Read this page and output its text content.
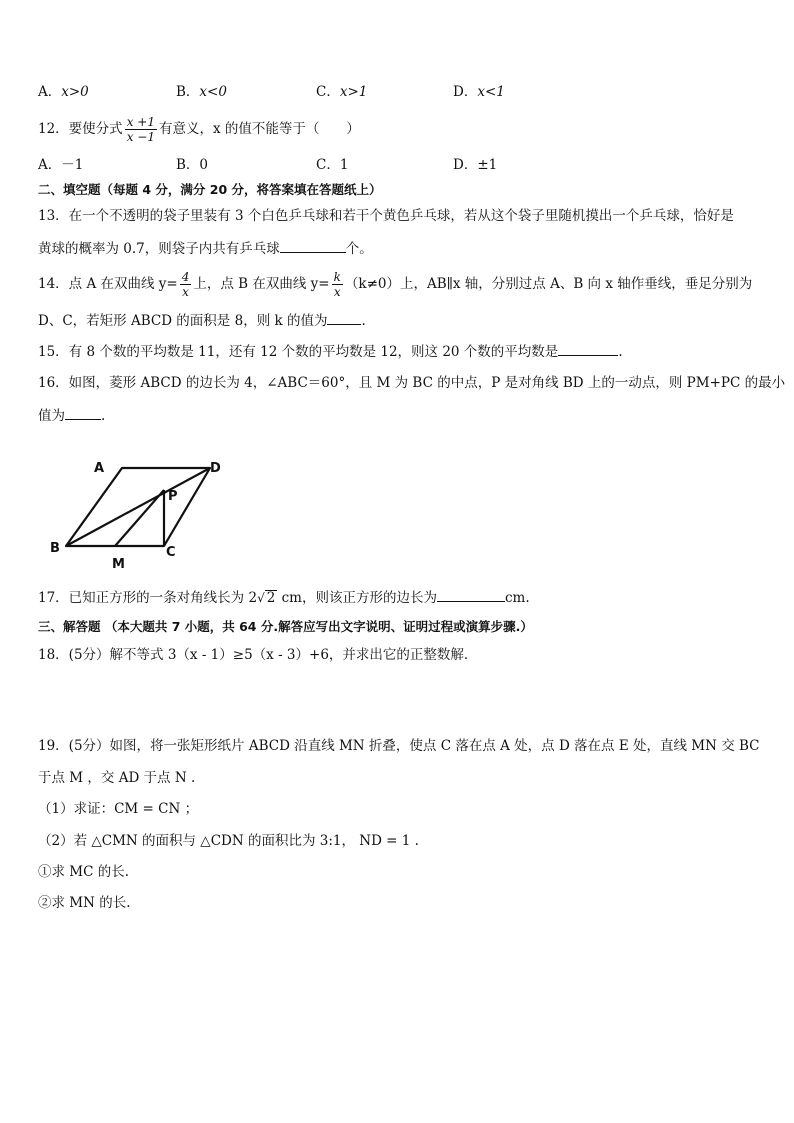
A．x>0	B．x<0	C．x>1	D．x<1
12．要使分式 $\frac{x +1}{x -1}$ 有意义，x 的值不能等于（　　）
A．－1	B．0	C．1	D．±1
二、填空题（每题 4 分，满分 20 分，将答案填在答题纸上）
13．在一个不透明的袋子里装有 3 个白色乒乓球和若干个黄色乒乓球，若从这个袋子里随机摸出一个乒乓球，恰好是
黄球的概率为 0.7，则袋子内共有乒乓球	个。
14．点 A 在双曲线 $y= \frac{4}{x}$ 上，点 B 在双曲线 $y= \frac{k}{x} (k\ne 0)$上，AB∥x 轴，分别过点 A、B 向 x 轴作垂线，垂足分别为
D、C，若矩形 ABCD 的面积是 8，则 k 的值为	.
15．有 8 个数的平均数是 11，还有 12 个数的平均数是 12，则这 20 个数的平均数是	.
16．如图，菱形 ABCD 的边长为 4，∠ABC＝60°，且 M 为 BC 的中点，P 是对角线 BD 上的一动点，则 PM+PC 的最小
值为	.
A	D
P
B
M
C
17．已知正方形的一条对角线长为 2√ 2 cm，则该正方形的边长为	cm.
三、解答题 （本大题共 7 小题，共 64 分.解答应写出文字说明、证明过程或演算步骤.）
18．(5分）解不等式 3（x - 1）≥5（x - 3）+6，并求出它的正整数解．
19．(5分）如图，将一张矩形纸片 ABCD 沿直线 MN 折叠，使点 C 落在点 A 处，点 D 落在点 E 处，直线 MN 交 BC
于点 M ，交 AD 于点 N .
（1）求证：CM = CN ；
（2）若 △CMN 的面积与 △CDN 的面积比为 3:1， ND = 1 .
①求 MC 的长.
②求 MN 的长.
